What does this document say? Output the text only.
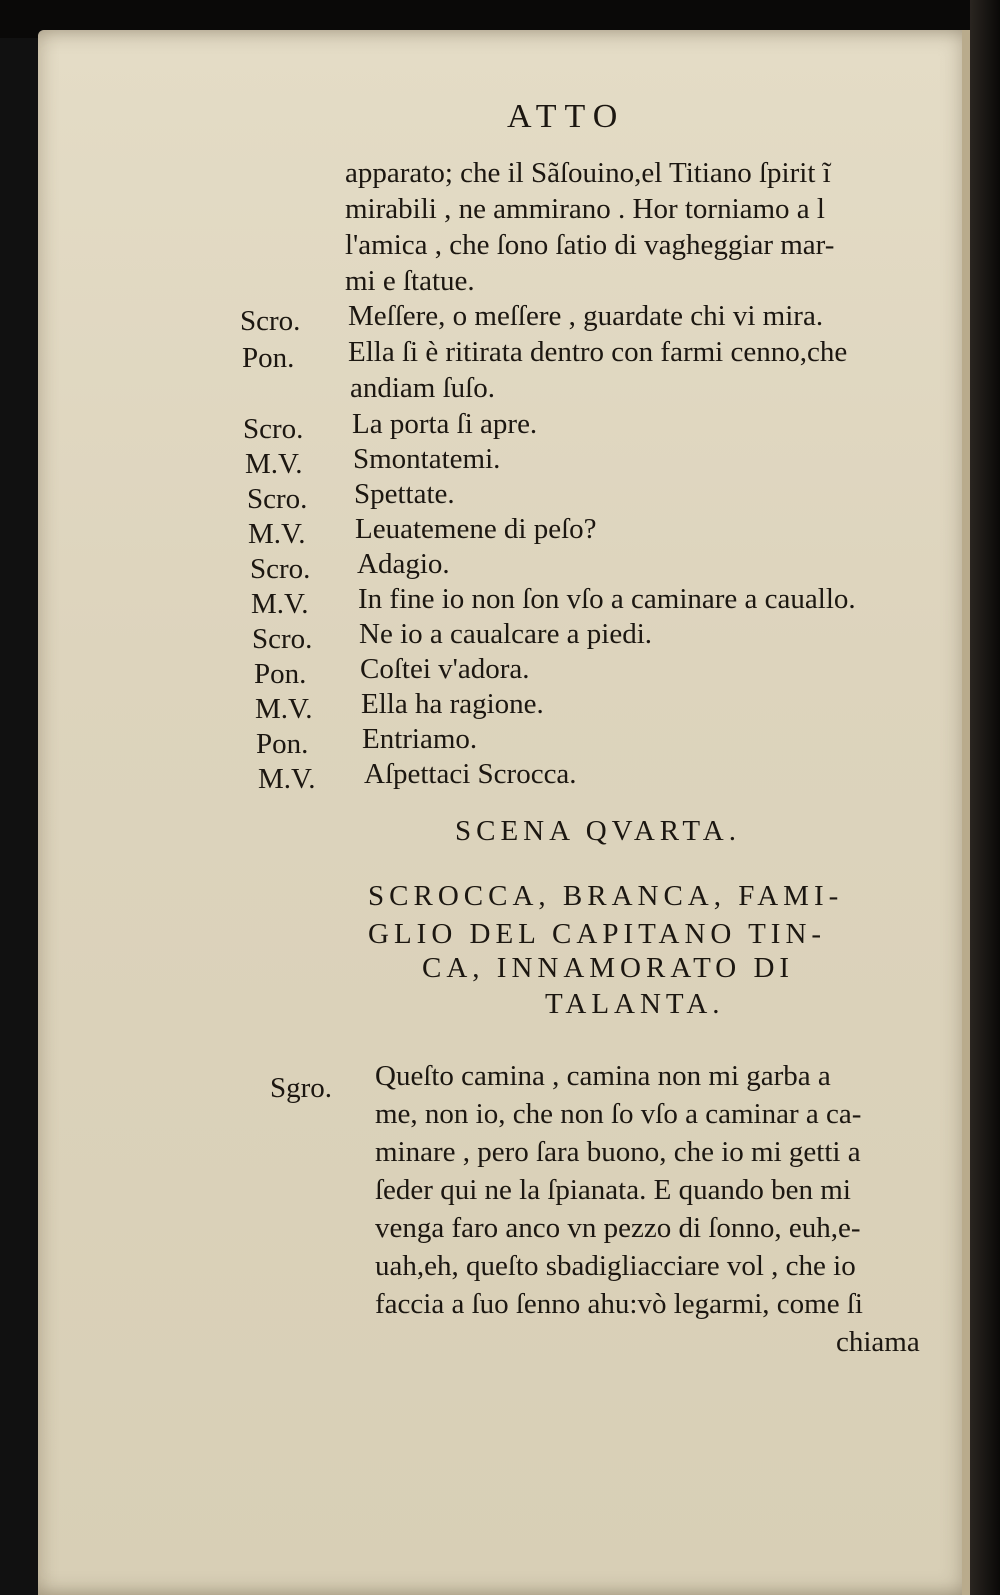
ATTO
apparato; che il Sãſouino,el Titiano ſpirit ĩ
mirabili , ne ammirano . Hor torniamo a l
l'amica , che ſono ſatio di vagheggiar mar-
mi e ſtatue.
Scro. Meſſere, o meſſere , guardate chi vi mira.
Pon. Ella ſi è ritirata dentro con farmi cenno,che
andiam ſuſo.
Scro. La porta ſi apre.
M.V. Smontatemi.
Scro. Spettate.
M.V. Leuatemene di peſo?
Scro. Adagio.
M.V. In fine io non ſon vſo a caminare a cauallo.
Scro. Ne io a caualcare a piedi.
Pon. Coſtei v'adora.
M.V. Ella ha ragione.
Pon. Entriamo.
M.V. Aſpettaci Scrocca.
SCENA QVARTA.
SCROCCA, BRANCA, FAMI-
GLIO DEL CAPITANO TIN-
CA, INNAMORATO DI
TALANTA.
Sgro. Queſto camina , camina non mi garba a
me, non io, che non ſo vſo a caminar a ca-
minare , pero ſara buono, che io mi getti a
ſeder qui ne la ſpianata. E quando ben mi
venga faro anco vn pezzo di ſonno, euh,e-
uah,eh, queſto sbadigliacciare vol , che io
faccia a ſuo ſenno ahu:vò legarmi, come ſi
chiama
